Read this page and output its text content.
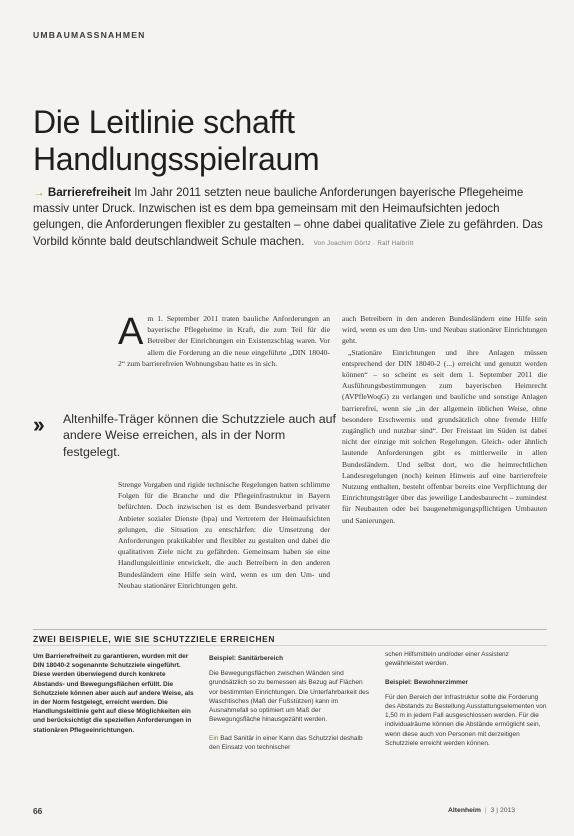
UMBAUMASSNAHMEN
Die Leitlinie schafft
Handlungsspielraum
→ Barrierefreiheit Im Jahr 2011 setzten neue bauliche Anforderungen bayerische Pflegeheime massiv unter Druck. Inzwischen ist es dem bpa gemeinsam mit den Heimaufsichten jedoch gelungen, die Anforderungen flexibler zu gestalten – ohne dabei qualitative Ziele zu gefährden. Das Vorbild könnte bald deutschlandweit Schule machen. Von Joachim Görtz · Ralf Halbritt
Am 1. September 2011 traten bauliche Anforderungen an bayerische Pflegeheime in Kraft, die zum Teil für die Betreiber der Einrichtungen ein Existenzschlag waren. Vor allem die Forderung an die neue eingeführte „DIN 18040-2“ zum barrierefreien Wohnungsbau hatte es in sich.
›› Altenhilfe-Träger können die Schutzziele auch auf andere Weise erreichen, als in der Norm festgelegt.
Strenge Vorgaben und rigide technische Regelungen hatten schlimme Folgen für die Branche und die Pflegeinfrastruktur in Bayern befürchten. Doch inzwischen ist es dem Bundesverband privater Anbieter sozialer Dienste (bpa) und Vertretern der Heimaufsichten gelungen, die Situation zu entschärfen: die Umsetzung der Anforderungen praktikabler und flexibler zu gestalten und dabei die qualitativen Ziele nicht zu gefährden. Gemeinsam haben sie eine Handlungsleitlinie entwickelt, die auch Betreibern in den anderen Bundesländern eine Hilfe sein wird, wenn es um den Um- und Neubau stationärer Einrichtungen geht.

auch Betreibern in den anderen Bundesländern eine Hilfe sein wird, wenn es um den Um- und Neubau stationärer Einrichtungen geht.

„Stationäre Einrichtungen und ihre Anlagen müssen entsprechend der DIN 18040-2 (...) erreicht und genutzt werden können“ – so scheint es seit dem 1. September 2011 die Ausführungsbestimmungen zum bayerischen Heimrecht (AVPfleWoqG) zu verlangen und bauliche und sonstige Anlagen barrierefrei, wenn sie „in der allgemein üblichen Weise, ohne besondere Erschwernis und grundsätzlich ohne fremde Hilfe zugänglich und nutzbar sind“. Der Freistaat im Süden ist dabei nicht der einzige mit solchen Regelungen. Gleich- oder ähnlich lautende Anforderungen gibt es mittlerweile in allen Bundesländern. Und selbst dort, wo die heimrechtlichen Landesregelungen (noch) keinen Hinweis auf eine barrierefreie Nutzung enthalten, besteht offenbar bereits eine Verpflichtung der Einrichtungsträger über das jeweilige Landesbaurecht – zumindest für Neubauten oder bei baugenehmigungspflichtigen Umbauten und Sanierungen.

ZWEI BEISPIELE, WIE SIE SCHUTZZIELE ERREICHEN
Um Barrierefreiheit zu garantieren, wurden mit der DIN 18040-2 sogenannte Schutzziele eingeführt. Diese werden überwiegend durch konkrete Abstands- und Bewegungsflächen erfüllt. Die Schutzziele können aber auch auf andere Weise, als in der Norm festgelegt, erreicht werden. Die Handlungsleitlinie geht auf diese Möglichkeiten ein und berücksichtigt die speziellen Anforderungen in stationären Pflegeeinrichtungen.
Beispiel: Sanitärbereich
Die Bewegungsflächen zwischen Wänden sind grundsätzlich so zu bemessen als Bezug auf Flächen vor bestimmten Einrichtungen. Die Unterfahrbarkeit des Waschtisches (Maß der Fußstützen) kann im Ausnahmefall so optimiert um Maß der Bewegungsfläche hinausgezählt werden.

Ein Bad Sanitär in einer Kann das Schutzziel deshalb den Einsatz von technischer
schen Hilfsmitteln und/oder einer Assistenz gewährleistet werden.

Beispiel: Bewohnerzimmer
Für den Bereich der Infrastruktur sollte die Forderung des Abstands zu Bestellung Ausstattungselementen von 1,50 m in jedem Fall ausgeschlossen werden. Für die individualräume können die Abstände ermöglicht sein, wenn diese auch von Personen mit derzeitigen Schutzziele erreicht werden können.
66	Altenheim | 3 | 2013
